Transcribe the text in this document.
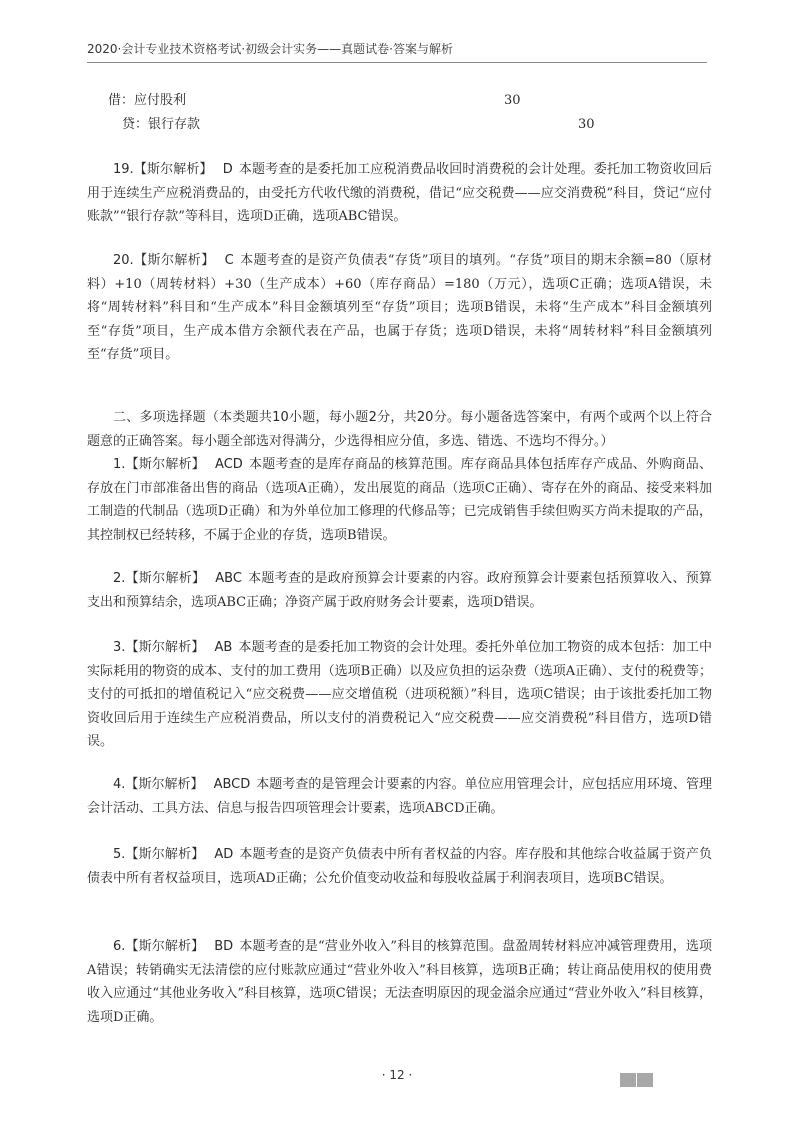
2020·会计专业技术资格考试·初级会计实务——真题试卷·答案与解析
借：应付股利	30
贷：银行存款	30
19.【斯尔解析】 D 本题考查的是委托加工应税消费品收回时消费税的会计处理。委托加工物资收回后用于连续生产应税消费品的，由受托方代收代缴的消费税，借记“应交税费——应交消费税”科目，贷记“应付账款”“银行存款”等科目，选项D正确，选项ABC错误。
20.【斯尔解析】 C 本题考查的是资产负债表“存货”项目的填列。“存货”项目的期末余额=80（原材料）+10（周转材料）+30（生产成本）+60（库存商品）=180（万元），选项C正确；选项A错误，未将“周转材料”科目和“生产成本”科目金额填列至“存货”项目；选项B错误，未将“生产成本”科目金额填列至“存货”项目，生产成本借方余额代表在产品，也属于存货；选项D错误，未将“周转材料”科目金额填列至“存货”项目。
二、多项选择题（本类题共10小题，每小题2分，共20分。每小题备选答案中，有两个或两个以上符合题意的正确答案。每小题全部选对得满分，少选得相应分值，多选、错选、不选均不得分。）
1.【斯尔解析】 ACD 本题考查的是库存商品的核算范围。库存商品具体包括库存产成品、外购商品、存放在门市部准备出售的商品（选项A正确），发出展览的商品（选项C正确）、寄存在外的商品、接受来料加工制造的代制品（选项D正确）和为外单位加工修理的代修品等；已完成销售手续但购买方尚未提取的产品，其控制权已经转移，不属于企业的存货，选项B错误。
2.【斯尔解析】 ABC 本题考查的是政府预算会计要素的内容。政府预算会计要素包括预算收入、预算支出和预算结余，选项ABC正确；净资产属于政府财务会计要素，选项D错误。
3.【斯尔解析】 AB 本题考查的是委托加工物资的会计处理。委托外单位加工物资的成本包括：加工中实际耗用的物资的成本、支付的加工费用（选项B正确）以及应负担的运杂费（选项A正确）、支付的税费等；支付的可抵扣的增值税记入“应交税费——应交增值税（进项税额）”科目，选项C错误；由于该批委托加工物资收回后用于连续生产应税消费品，所以支付的消费税记入“应交税费——应交消费税”科目借方，选项D错误。
4.【斯尔解析】 ABCD 本题考查的是管理会计要素的内容。单位应用管理会计，应包括应用环境、管理会计活动、工具方法、信息与报告四项管理会计要素，选项ABCD正确。
5.【斯尔解析】 AD 本题考查的是资产负债表中所有者权益的内容。库存股和其他综合收益属于资产负债表中所有者权益项目，选项AD正确；公允价值变动收益和每股收益属于利润表项目，选项BC错误。
6.【斯尔解析】 BD 本题考查的是“营业外收入”科目的核算范围。盘盈周转材料应冲减管理费用，选项A错误；转销确实无法清偿的应付账款应通过“营业外收入”科目核算，选项B正确；转让商品使用权的使用费收入应通过“其他业务收入”科目核算，选项C错误；无法查明原因的现金溢余应通过“营业外收入”科目核算，选项D正确。
· 12 ·
